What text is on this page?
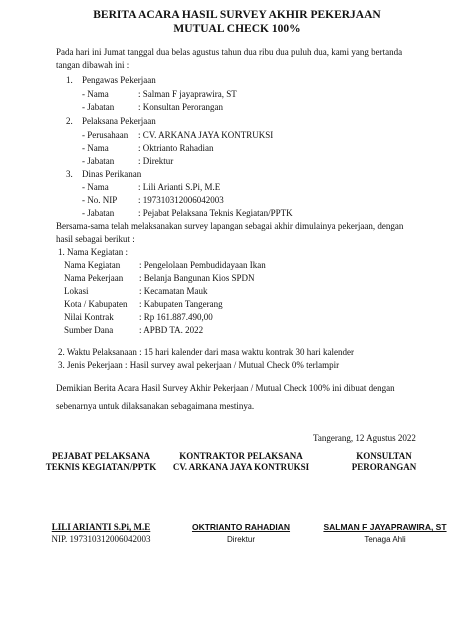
BERITA ACARA HASIL SURVEY AKHIR PEKERJAAN
MUTUAL CHECK 100%
Pada hari ini Jumat tanggal dua belas agustus tahun dua ribu dua puluh dua, kami yang bertanda
tangan dibawah ini :
1. Pengawas Pekerjaan
- Nama	: Salman F jayaprawira, ST
- Jabatan	: Konsultan Perorangan
2. Pelaksana Pekerjaan
- Perusahaan : CV. ARKANA JAYA KONTRUKSI
- Nama	: Oktrianto Rahadian
- Jabatan	: Direktur
3. Dinas Perikanan
- Nama	: Lili Arianti S.Pi, M.E
- No. NIP : 197310312006042003
- Jabatan	: Pejabat Pelaksana Teknis Kegiatan/PPTK
Bersama-sama telah melaksanakan survey lapangan sebagai akhir dimulainya pekerjaan, dengan
hasil sebagai berikut :
1. Nama Kegiatan :
Nama Kegiatan : Pengelolaan Pembudidayaan Ikan
Nama Pekerjaan : Belanja Bangunan Kios SPDN
Lokasi	: Kecamatan Mauk
Kota / Kabupaten : Kabupaten Tangerang
Nilai Kontrak	: Rp 161.887.490,00
Sumber Dana	: APBD TA. 2022
2. Waktu Pelaksanaan : 15 hari kalender dari masa waktu kontrak 30 hari kalender
3. Jenis Pekerjaan : Hasil survey awal pekerjaan / Mutual Check 0% terlampir
Demikian Berita Acara Hasil Survey Akhir Pekerjaan / Mutual Check 100% ini dibuat dengan
sebenarnya untuk dilaksanakan sebagaimana mestinya.
Tangerang, 12 Agustus 2022
PEJABAT PELAKSANA
TEKNIS KEGIATAN/PPTK
KONTRAKTOR PELAKSANA
CV. ARKANA JAYA KONTRUKSI
KONSULTAN
PERORANGAN
LILI ARIANTI S.Pi, M.E
NIP. 197310312006042003
OKTRIANTO RAHADIAN
Direktur
SALMAN F JAYAPRAWIRA, ST
Tenaga Ahli
